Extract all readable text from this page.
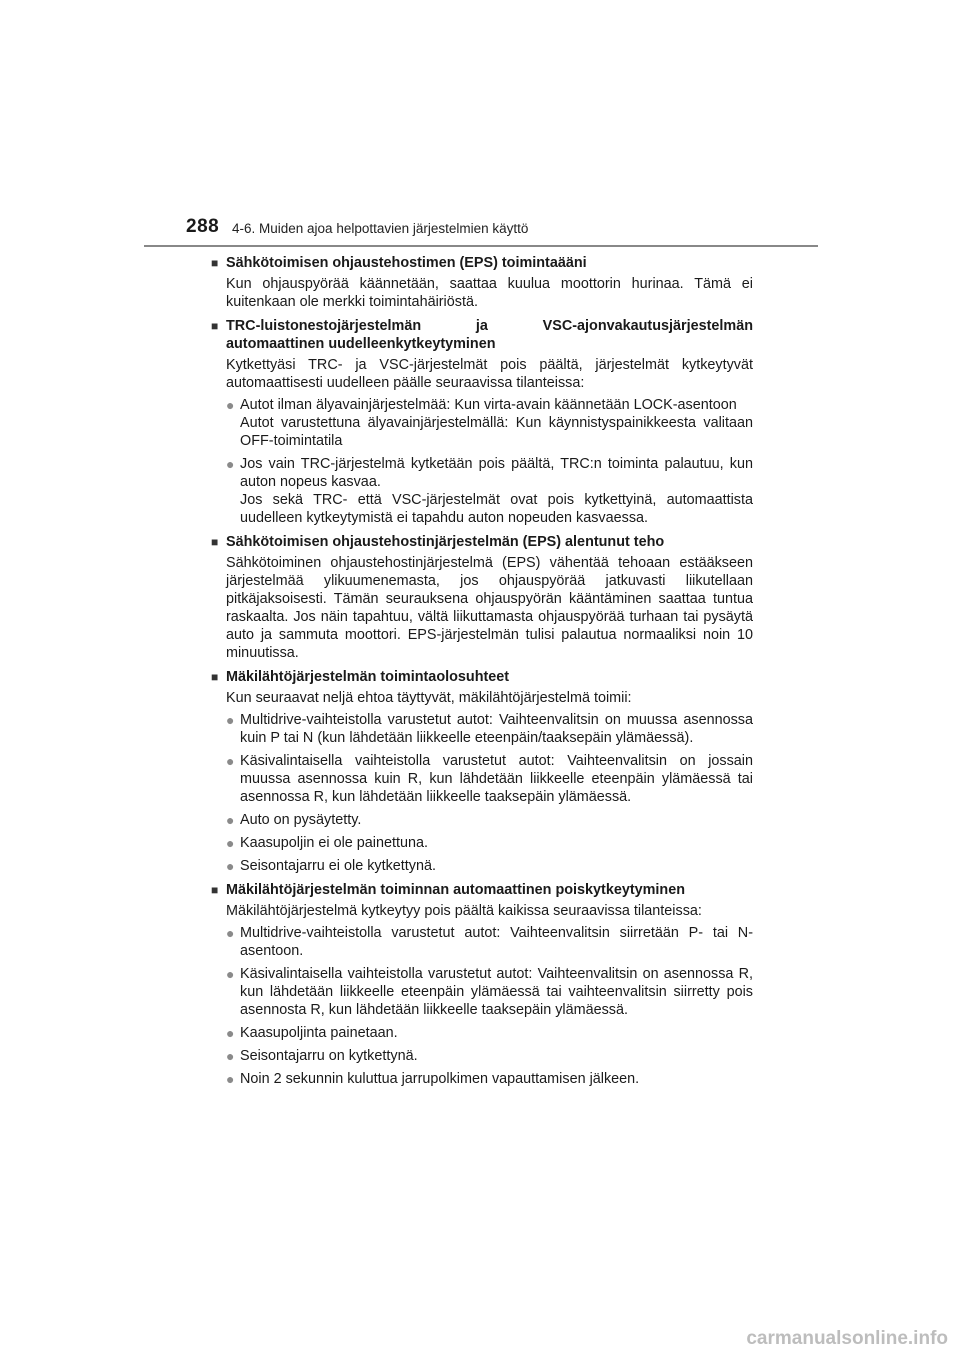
288 4-6. Muiden ajoa helpottavien järjestelmien käyttö
■ Sähkötoimisen ohjaustehostimen (EPS) toimintaääni
Kun ohjauspyörää käännetään, saattaa kuulua moottorin hurinaa. Tämä ei kuitenkaan ole merkki toimintahäiriöstä.
■ TRC-luistonestojärjestelmän ja VSC-ajonvakautusjärjestelmän automaattinen uudelleenkytkeytyminen
Kytkettyäsi TRC- ja VSC-järjestelmät pois päältä, järjestelmät kytkeytyvät automaattisesti uudelleen päälle seuraavissa tilanteissa:
● Autot ilman älyavainjärjestelmää: Kun virta-avain käännetään LOCK-asentoon
Autot varustettuna älyavainjärjestelmällä: Kun käynnistyspainikkeesta valitaan OFF-toimintatila
● Jos vain TRC-järjestelmä kytketään pois päältä, TRC:n toiminta palautuu, kun auton nopeus kasvaa.
Jos sekä TRC- että VSC-järjestelmät ovat pois kytkettyinä, automaattista uudelleen kytkeytymistä ei tapahdu auton nopeuden kasvaessa.
■ Sähkötoimisen ohjaustehostinjärjestelmän (EPS) alentunut teho
Sähkötoiminen ohjaustehostinjärjestelmä (EPS) vähentää tehoaan estääkseen järjestelmää ylikuumenemasta, jos ohjauspyörää jatkuvasti liikutellaan pitkäjaksoisesti. Tämän seurauksena ohjauspyörän kääntäminen saattaa tuntua raskaalta. Jos näin tapahtuu, vältä liikuttamasta ohjauspyörää turhaan tai pysäytä auto ja sammuta moottori. EPS-järjestelmän tulisi palautua normaaliksi noin 10 minuutissa.
■ Mäkilähtöjärjestelmän toimintaolosuhteet
Kun seuraavat neljä ehtoa täyttyvät, mäkilähtöjärjestelmä toimii:
● Multidrive-vaihteistolla varustetut autot: Vaihteenvalitsin on muussa asennossa kuin P tai N (kun lähdetään liikkeelle eteenpäin/taaksepäin ylämäessä).
● Käsivalintaisella vaihteistolla varustetut autot: Vaihteenvalitsin on jossain muussa asennossa kuin R, kun lähdetään liikkeelle eteenpäin ylämäessä tai asennossa R, kun lähdetään liikkeelle taaksepäin ylämäessä.
● Auto on pysäytetty.
● Kaasupoljin ei ole painettuna.
● Seisontajarru ei ole kytkettynä.
■ Mäkilähtöjärjestelmän toiminnan automaattinen poiskytkeytyminen
Mäkilähtöjärjestelmä kytkeytyy pois päältä kaikissa seuraavissa tilanteissa:
● Multidrive-vaihteistolla varustetut autot: Vaihteenvalitsin siirretään P- tai N-asentoon.
● Käsivalintaisella vaihteistolla varustetut autot: Vaihteenvalitsin on asennossa R, kun lähdetään liikkeelle eteenpäin ylämäessä tai vaihteenvalitsin siirretty pois asennosta R, kun lähdetään liikkeelle taaksepäin ylämäessä.
● Kaasupoljinta painetaan.
● Seisontajarru on kytkettynä.
● Noin 2 sekunnin kuluttua jarrupolkimen vapauttamisen jälkeen.
carmanualsonline.info
